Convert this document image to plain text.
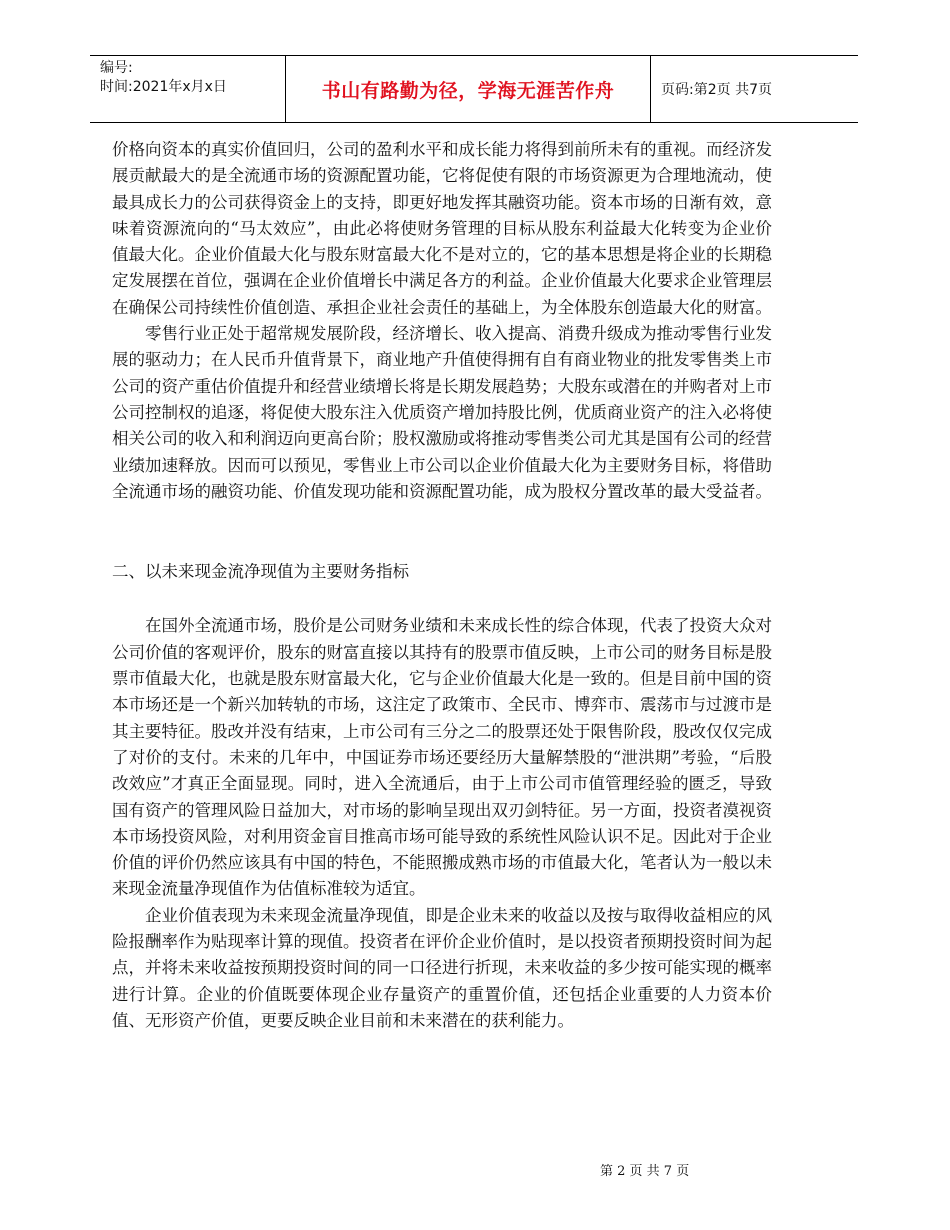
编号:
时间:2021年x月x日	书山有路勤为径，学海无涯苦作舟	页码:第2页 共7页

价格向资本的真实价值回归，公司的盈利水平和成长能力将得到前所未有的重视。而经济发展贡献最大的是全流通市场的资源配置功能，它将促使有限的市场资源更为合理地流动，使最具成长力的公司获得资金上的支持，即更好地发挥其融资功能。资本市场的日渐有效，意味着资源流向的“马太效应”，由此必将使财务管理的目标从股东利益最大化转变为企业价值最大化。企业价值最大化与股东财富最大化不是对立的，它的基本思想是将企业的长期稳定发展摆在首位，强调在企业价值增长中满足各方的利益。企业价值最大化要求企业管理层在确保公司持续性价值创造、承担企业社会责任的基础上，为全体股东创造最大化的财富。

零售行业正处于超常规发展阶段，经济增长、收入提高、消费升级成为推动零售行业发展的驱动力；在人民币升值背景下，商业地产升值使得拥有自有商业物业的批发零售类上市公司的资产重估价值提升和经营业绩增长将是长期发展趋势；大股东或潜在的并购者对上市公司控制权的追逐，将促使大股东注入优质资产增加持股比例，优质商业资产的注入必将使相关公司的收入和利润迈向更高台阶；股权激励或将推动零售类公司尤其是国有公司的经营业绩加速释放。因而可以预见，零售业上市公司以企业价值最大化为主要财务目标，将借助全流通市场的融资功能、价值发现功能和资源配置功能，成为股权分置改革的最大受益者。

二、以未来现金流净现值为主要财务指标

在国外全流通市场，股价是公司财务业绩和未来成长性的综合体现，代表了投资大众对公司价值的客观评价，股东的财富直接以其持有的股票市值反映，上市公司的财务目标是股票市值最大化，也就是股东财富最大化，它与企业价值最大化是一致的。但是目前中国的资本市场还是一个新兴加转轨的市场，这注定了政策市、全民市、博弈市、震荡市与过渡市是其主要特征。股改并没有结束，上市公司有三分之二的股票还处于限售阶段，股改仅仅完成了对价的支付。未来的几年中，中国证券市场还要经历大量解禁股的“泄洪期”考验，“后股改效应”才真正全面显现。同时，进入全流通后，由于上市公司市值管理经验的匮乏，导致国有资产的管理风险日益加大，对市场的影响呈现出双刃剑特征。另一方面，投资者漠视资本市场投资风险，对利用资金盲目推高市场可能导致的系统性风险认识不足。因此对于企业价值的评价仍然应该具有中国的特色，不能照搬成熟市场的市值最大化，笔者认为一般以未来现金流量净现值作为估值标准较为适宜。

企业价值表现为未来现金流量净现值，即是企业未来的收益以及按与取得收益相应的风险报酬率作为贴现率计算的现值。投资者在评价企业价值时，是以投资者预期投资时间为起点，并将未来收益按预期投资时间的同一口径进行折现，未来收益的多少按可能实现的概率进行计算。企业的价值既要体现企业存量资产的重置价值，还包括企业重要的人力资本价值、无形资产价值，更要反映企业目前和未来潜在的获利能力。

第 2 页 共 7 页
